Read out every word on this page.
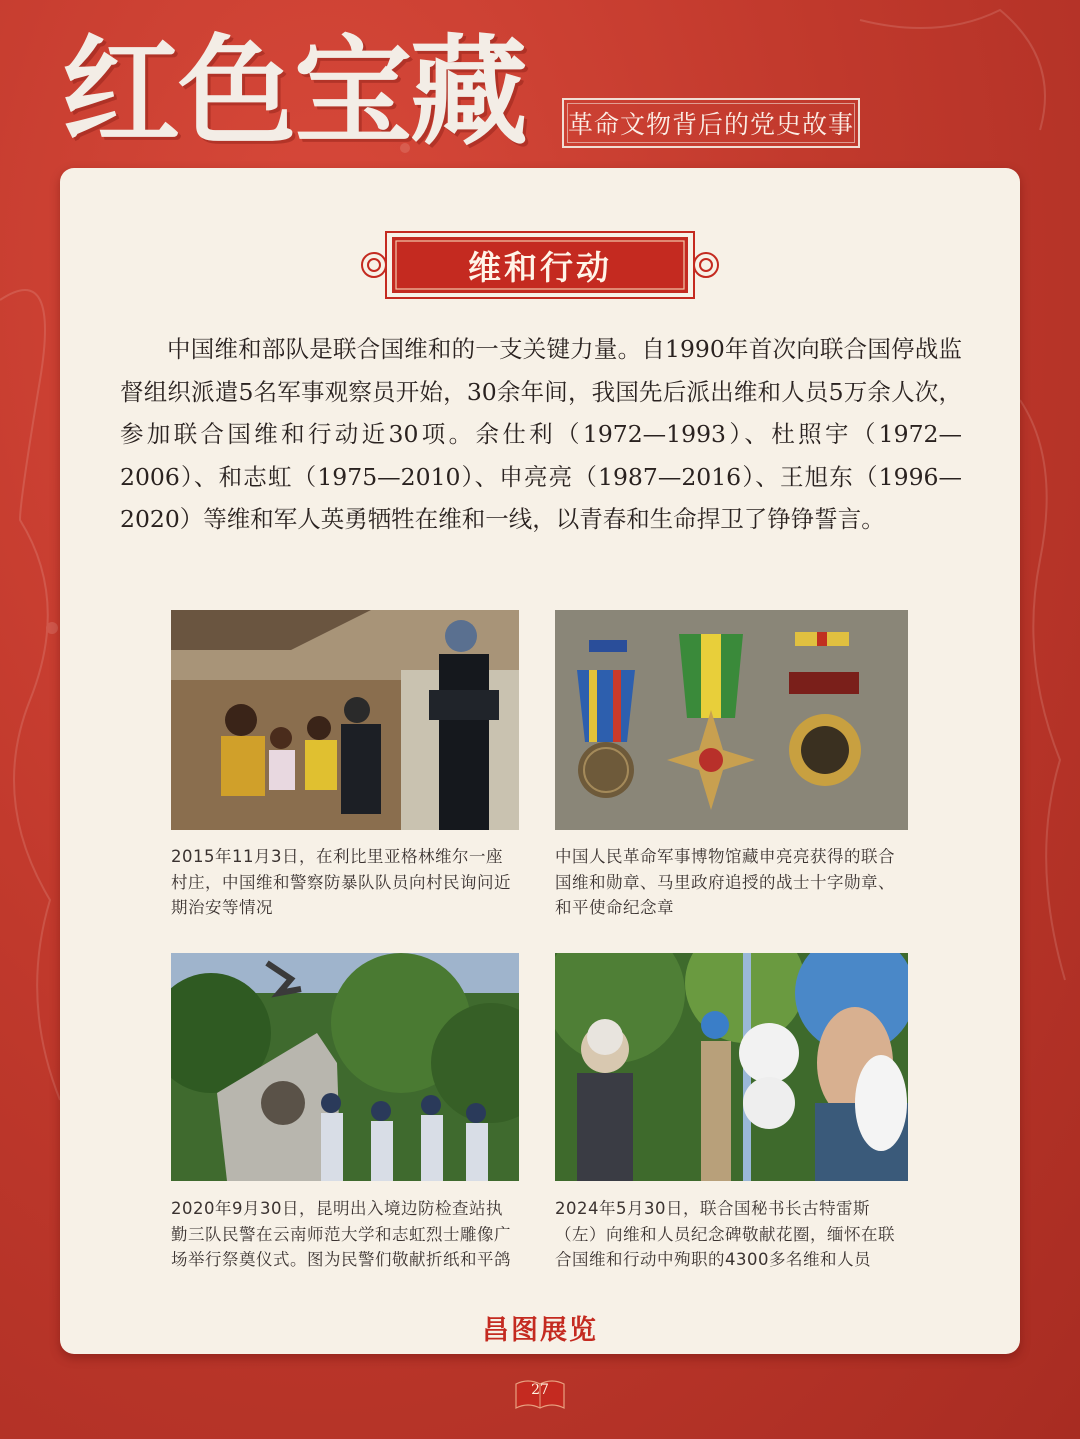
红色宝藏	革命文物背后的党史故事
维和行动

中国维和部队是联合国维和的一支关键力量。自1990年首次向联合国停战监督组织派遣5名军事观察员开始，30余年间，我国先后派出维和人员5万余人次，参加联合国维和行动近30项。余仕利（1972—1993）、杜照宇（1972—2006）、和志虹（1975—2010）、申亮亮（1987—2016）、王旭东（1996—2020）等维和军人英勇牺牲在维和一线，以青春和生命捍卫了铮铮誓言。

2015年11月3日，在利比里亚格林维尔一座村庄，中国维和警察防暴队队员向村民询问近期治安等情况

中国人民革命军事博物馆藏申亮亮获得的联合国维和勋章、马里政府追授的战士十字勋章、和平使命纪念章

2020年9月30日，昆明出入境边防检查站执勤三队民警在云南师范大学和志虹烈士雕像广场举行祭奠仪式。图为民警们敬献折纸和平鸽

2024年5月30日，联合国秘书长古特雷斯（左）向维和人员纪念碑敬献花圈，缅怀在联合国维和行动中殉职的4300多名维和人员

昌图展览
27
